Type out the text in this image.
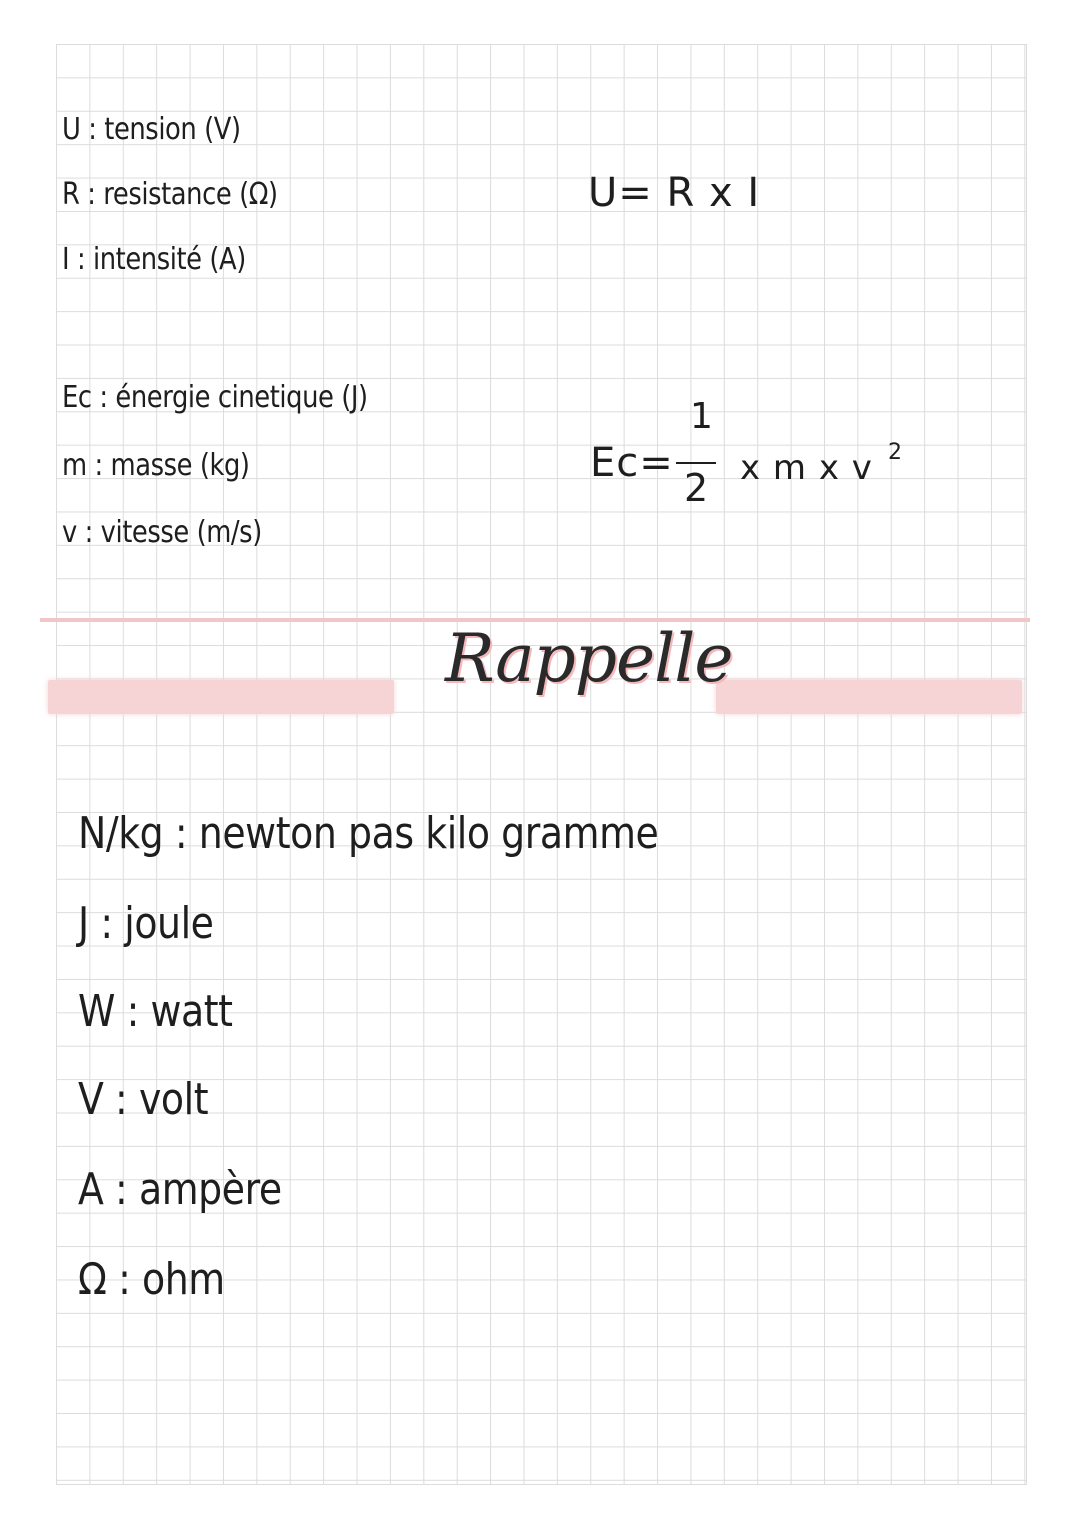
U : tension (V)
R : resistance (Ω)
I : intensité (A)
U= R x I
Ec : énergie cinetique (J)
m : masse (kg)
v : vitesse (m/s)
Ec=
1
2 x m x v 2
Rappelle
N/kg : newton pas kilo gramme
J : joule
W : watt
V : volt
A : ampère
Ω : ohm
